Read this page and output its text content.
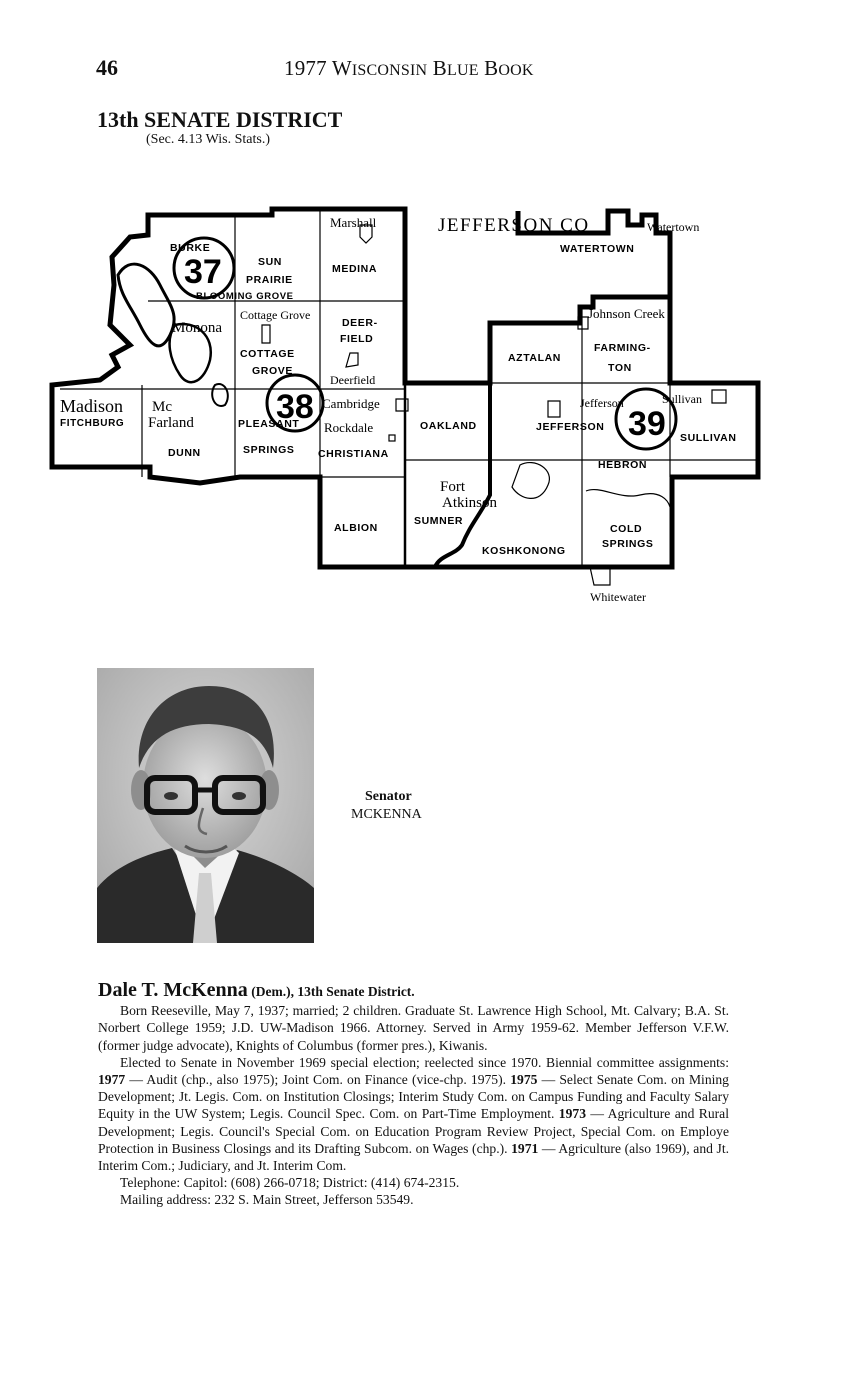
46	1977 WISCONSIN BLUE BOOK
13th SENATE DISTRICT
(Sec. 4.13 Wis. Stats.)
37
38	39
JEFFERSON CO
Marshall
Cottage Grove
Monona
Deerfield
Madison Mc
Farland
Cambridge
Rockdale
Fort
Atkinson
Watertown
Johnson Creek
Jefferson	Sullivan
Whitewater
BURKE
SUN
PRAIRIE
BLOOMING GROVE
MEDINA
COTTAGE
GROVE
DEER-
FIELD
FITCHBURG
DUNN
PLEASANT
SPRINGS CHRISTIANA
ALBION
OAKLAND
SUMNER
KOSHKONONG
WATERTOWN
AZTALAN
FARMING-
TON
JEFFERSON
SULLIVAN
HEBRON
COLD
SPRINGS
Senator
MCKENNA
Dale T. McKenna (Dem.), 13th Senate District.

Born Reeseville, May 7, 1937; married; 2 children. Graduate St. Lawrence High School, Mt. Calvary; B.A. St. Norbert College 1959; J.D. UW-Madison 1966. Attorney. Served in Army 1959-62. Member Jefferson V.F.W. (former judge advocate), Knights of Columbus (former pres.), Kiwanis.

Elected to Senate in November 1969 special election; reelected since 1970. Biennial committee assignments: 1977 — Audit (chp., also 1975); Joint Com. on Finance (vice-chp. 1975). 1975 — Select Senate Com. on Mining Development; Jt. Legis. Com. on Institution Closings; Interim Study Com. on Campus Funding and Faculty Salary Equity in the UW System; Legis. Council Spec. Com. on Part-Time Employment. 1973 — Agriculture and Rural Development; Legis. Council's Special Com. on Education Program Review Project, Special Com. on Employe Protection in Business Closings and its Drafting Subcom. on Wages (chp.). 1971 — Agriculture (also 1969), and Jt. Interim Com.; Judiciary, and Jt. Interim Com.

Telephone: Capitol: (608) 266-0718; District: (414) 674-2315.

Mailing address: 232 S. Main Street, Jefferson 53549.
